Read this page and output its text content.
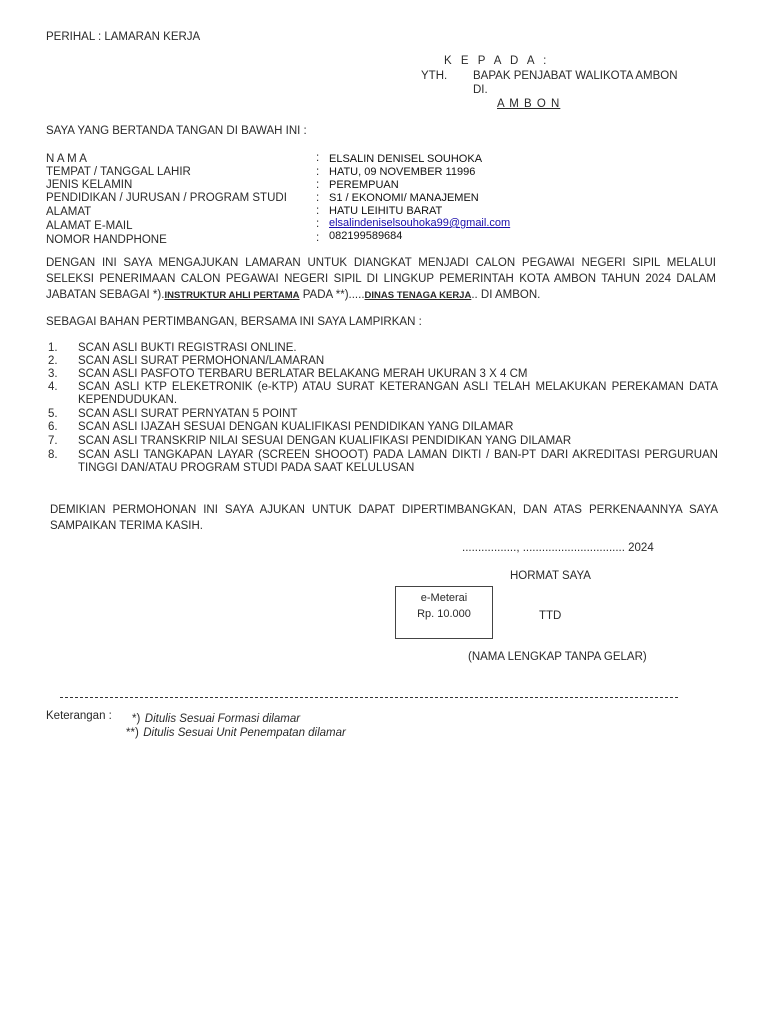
PERIHAL : LAMARAN KERJA
K E P A D A :
YTH. BAPAK PENJABAT WALIKOTA AMBON
DI.
A M B O N
SAYA YANG BERTANDA TANGAN DI BAWAH INI :
N A M A	: ELSALIN DENISEL SOUHOKA
TEMPAT / TANGGAL LAHIR	: HATU, 09 NOVEMBER 11996
JENIS KELAMIN	: PEREMPUAN
PENDIDIKAN / JURUSAN / PROGRAM STUDI	: S1 / EKONOMI/ MANAJEMEN
ALAMAT	: HATU LEIHITU BARAT
ALAMAT E-MAIL	: elsalindeniselsouhoka99@gmail.com
NOMOR HANDPHONE	: 082199589684
DENGAN INI SAYA MENGAJUKAN LAMARAN UNTUK DIANGKAT MENJADI CALON PEGAWAI NEGERI SIPIL MELALUI SELEKSI PENERIMAAN CALON PEGAWAI NEGERI SIPIL DI LINGKUP PEMERINTAH KOTA AMBON TAHUN 2024 DALAM JABATAN SEBAGAI *).INSTRUKTUR AHLI PERTAMA PADA **).....DINAS TENAGA KERJA.. DI AMBON.
SEBAGAI BAHAN PERTIMBANGAN, BERSAMA INI SAYA LAMPIRKAN :
1. SCAN ASLI BUKTI REGISTRASI ONLINE.
2. SCAN ASLI SURAT PERMOHONAN/LAMARAN
3. SCAN ASLI PASFOTO TERBARU BERLATAR BELAKANG MERAH UKURAN 3 X 4 CM
4. SCAN ASLI KTP ELEKETRONIK (e-KTP) ATAU SURAT KETERANGAN ASLI TELAH MELAKUKAN PEREKAMAN DATA KEPENDUDUKAN.
5. SCAN ASLI SURAT PERNYATAN 5 POINT
6. SCAN ASLI IJAZAH SESUAI DENGAN KUALIFIKASI PENDIDIKAN YANG DILAMAR
7. SCAN ASLI TRANSKRIP NILAI SESUAI DENGAN KUALIFIKASI PENDIDIKAN YANG DILAMAR
8. SCAN ASLI TANGKAPAN LAYAR (SCREEN SHOOOT) PADA LAMAN DIKTI / BAN-PT DARI AKREDITASI PERGURUAN TINGGI DAN/ATAU PROGRAM STUDI PADA SAAT KELULUSAN
DEMIKIAN PERMOHONAN INI SAYA AJUKAN UNTUK DAPAT DIPERTIMBANGKAN, DAN ATAS PERKENAANNYA SAYA SAMPAIKAN TERIMA KASIH.
................., ................................ 2024
HORMAT SAYA
e-Meterai
Rp. 10.000	TTD
(NAMA LENGKAP TANPA GELAR)
Keterangan : *) Ditulis Sesuai Formasi dilamar
**) Ditulis Sesuai Unit Penempatan dilamar
